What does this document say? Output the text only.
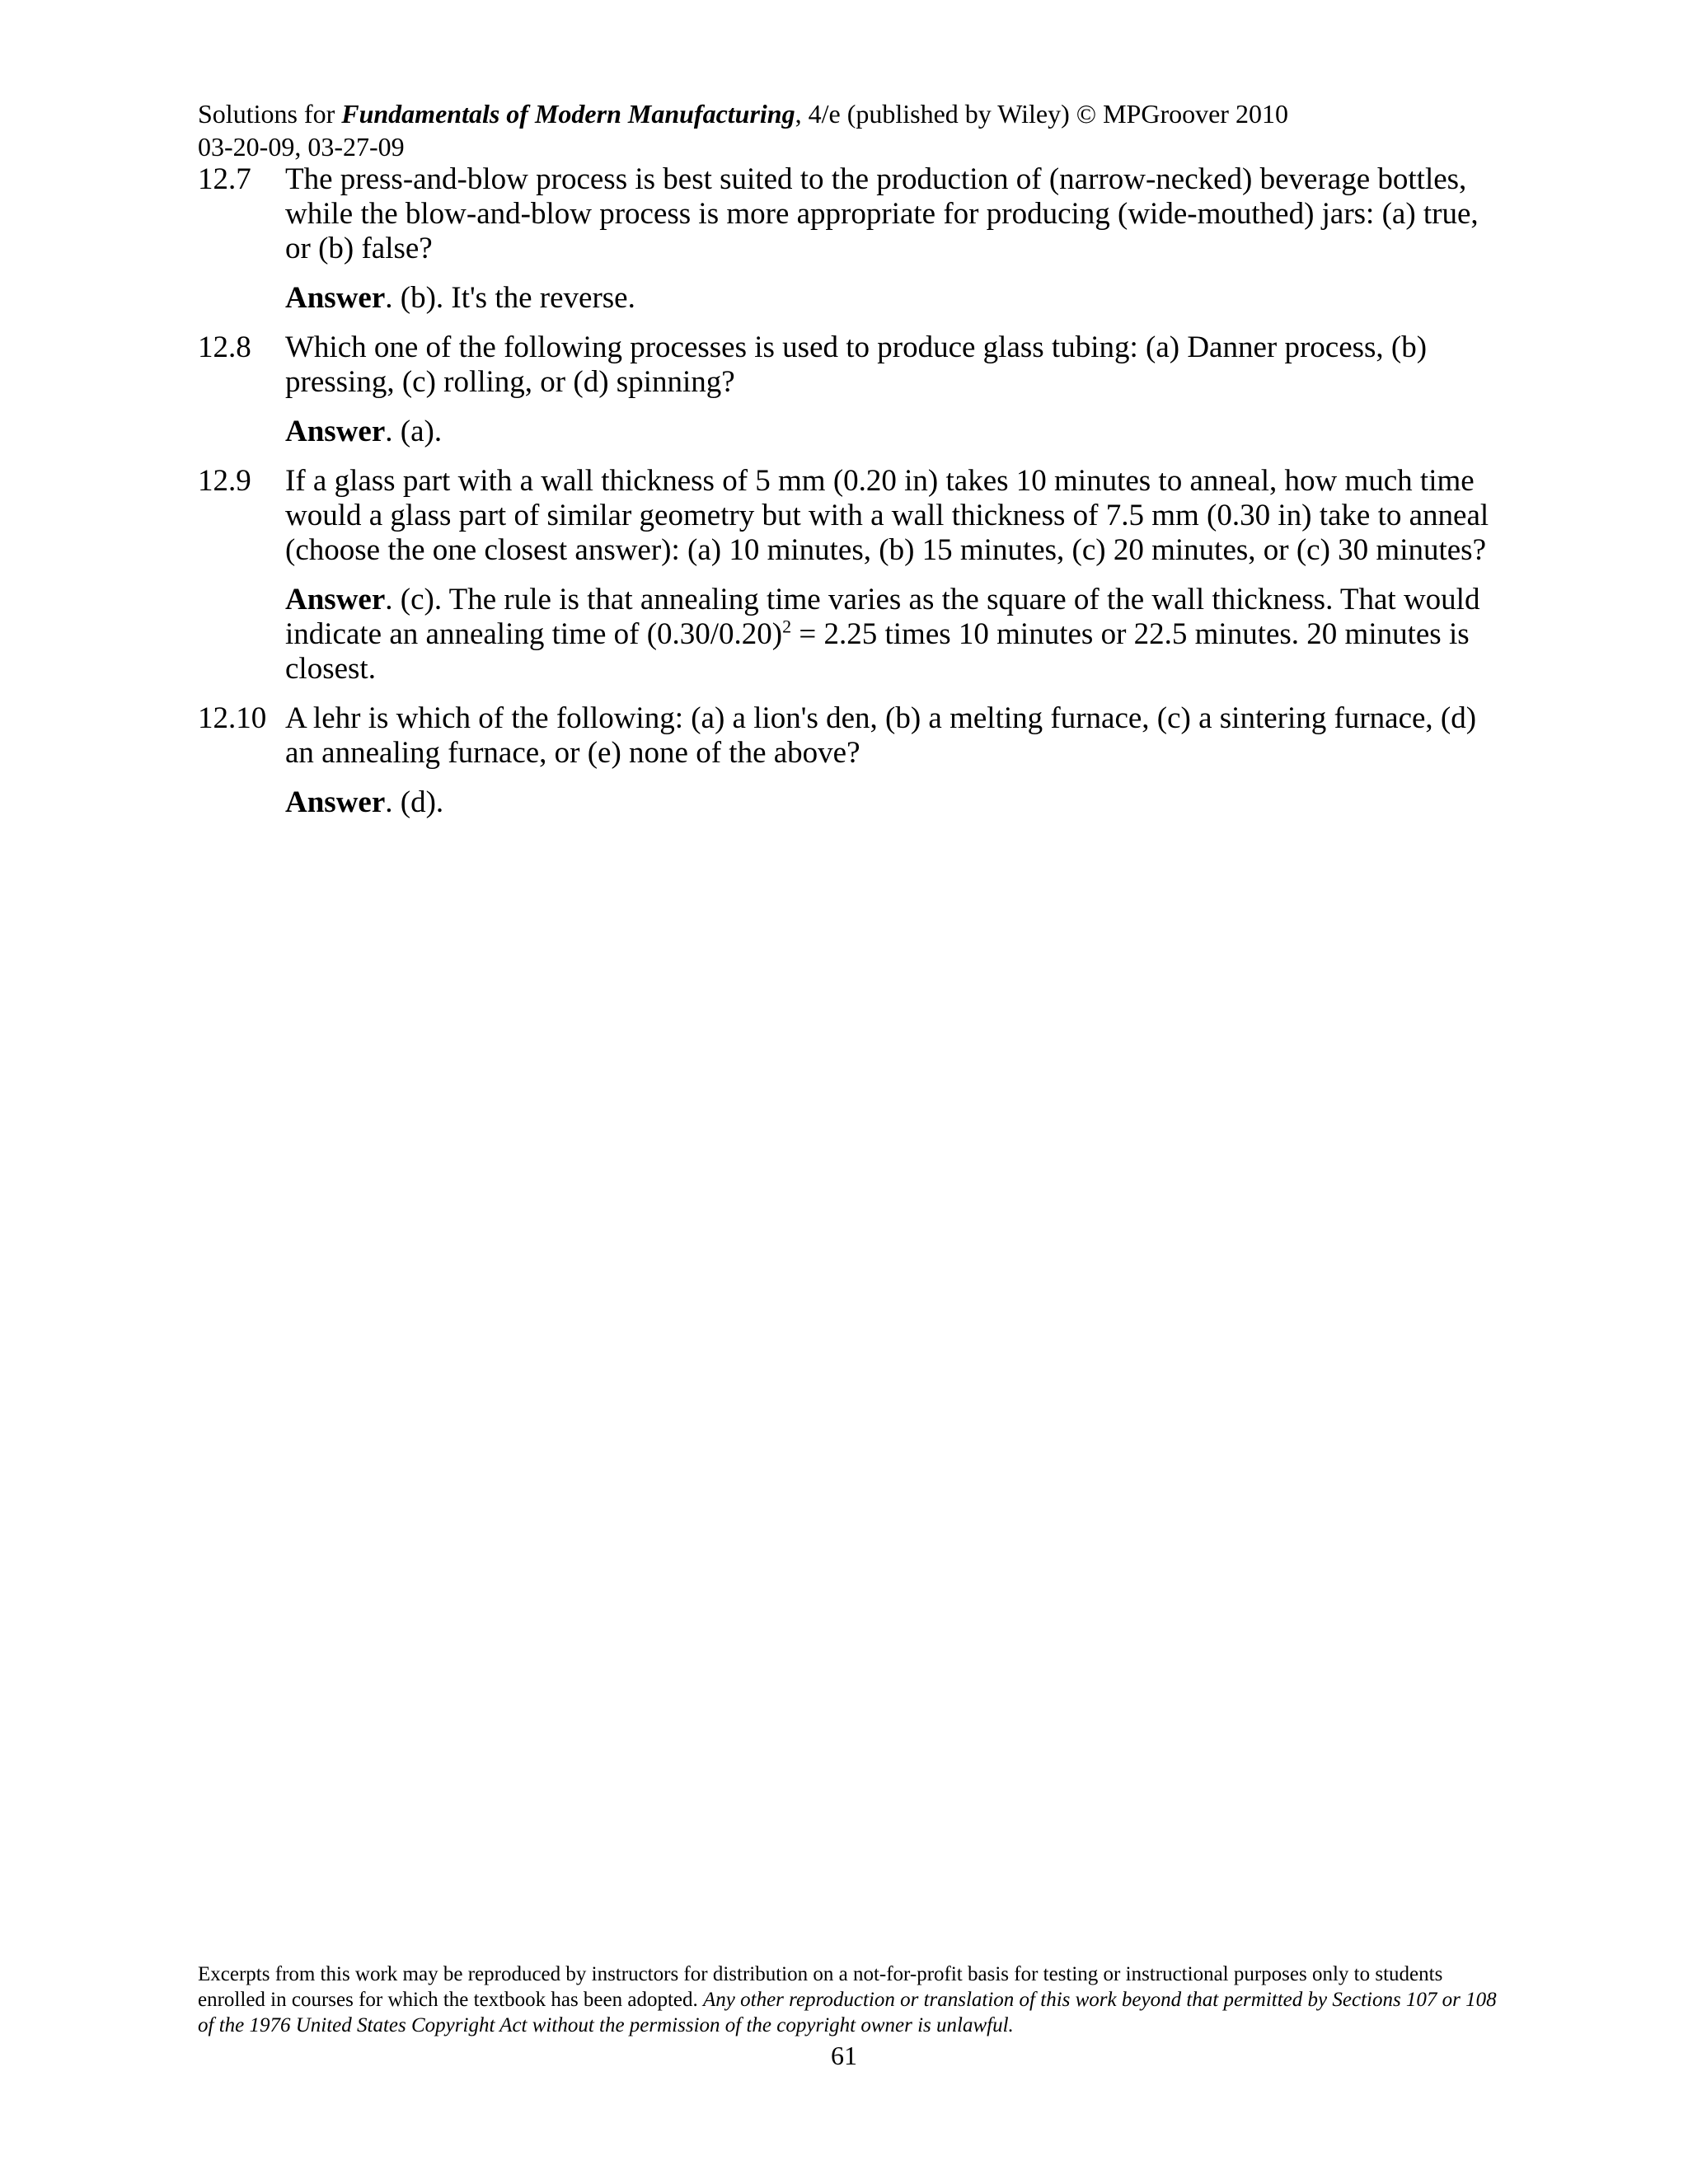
Solutions for Fundamentals of Modern Manufacturing, 4/e (published by Wiley) © MPGroover 2010
03-20-09, 03-27-09
12.7 The press-and-blow process is best suited to the production of (narrow-necked) beverage bottles, while the blow-and-blow process is more appropriate for producing (wide-mouthed) jars: (a) true, or (b) false?
Answer. (b). It's the reverse.
12.8 Which one of the following processes is used to produce glass tubing: (a) Danner process, (b) pressing, (c) rolling, or (d) spinning?
Answer. (a).
12.9 If a glass part with a wall thickness of 5 mm (0.20 in) takes 10 minutes to anneal, how much time would a glass part of similar geometry but with a wall thickness of 7.5 mm (0.30 in) take to anneal (choose the one closest answer): (a) 10 minutes, (b) 15 minutes, (c) 20 minutes, or (c) 30 minutes?
Answer. (c). The rule is that annealing time varies as the square of the wall thickness. That would indicate an annealing time of $(0.30/0.20)^2 = 2.25$ times 10 minutes or 22.5 minutes. 20 minutes is closest.
12.10 A lehr is which of the following: (a) a lion's den, (b) a melting furnace, (c) a sintering furnace, (d) an annealing furnace, or (e) none of the above?
Answer. (d).
Excerpts from this work may be reproduced by instructors for distribution on a not-for-profit basis for testing or instructional purposes only to students enrolled in courses for which the textbook has been adopted. Any other reproduction or translation of this work beyond that permitted by Sections 107 or 108 of the 1976 United States Copyright Act without the permission of the copyright owner is unlawful.
61
